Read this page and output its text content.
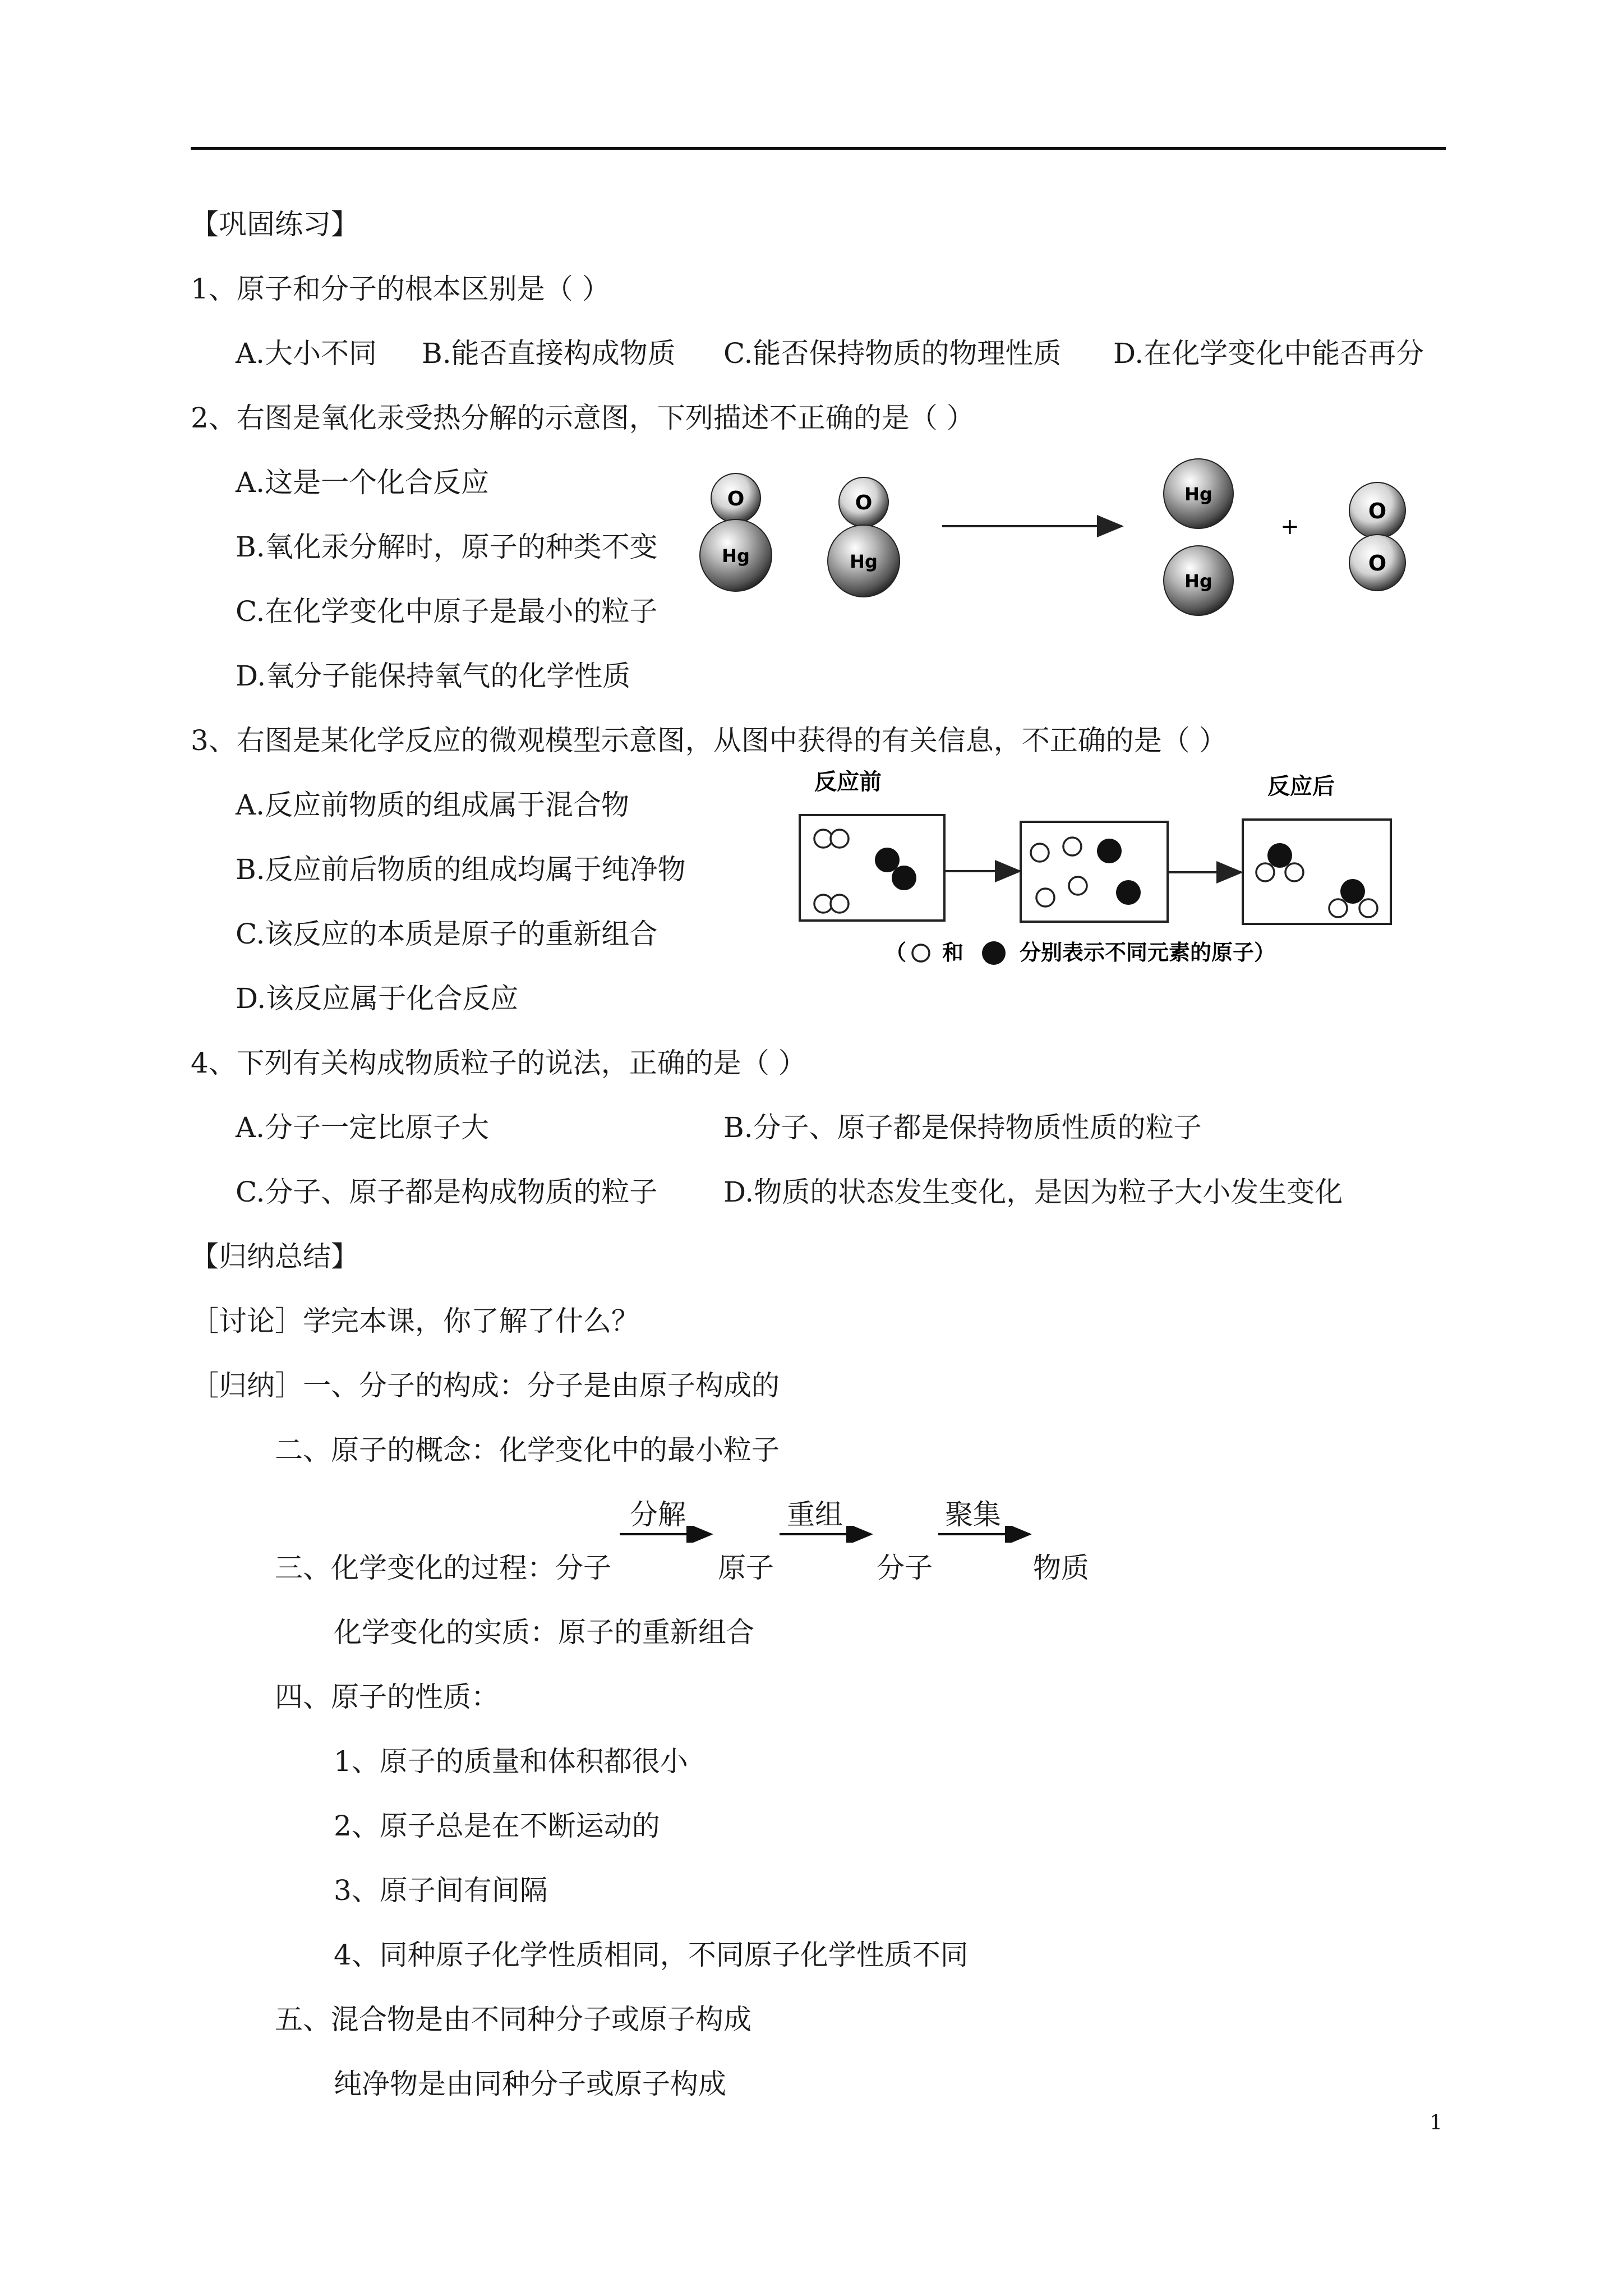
【巩固练习】
1、原子和分子的根本区别是（ ）
A.大小不同 B.能否直接构成物质 C.能否保持物质的物理性质 D.在化学变化中能否再分
2、右图是氧化汞受热分解的示意图，下列描述不正确的是（ ）
A.这是一个化合反应
B.氧化汞分解时，原子的种类不变
C.在化学变化中原子是最小的粒子
D.氧分子能保持氧气的化学性质
O
Hg
O
Hg
Hg
Hg
+
O
O
3、右图是某化学反应的微观模型示意图，从图中获得的有关信息，不正确的是（ ）
A.反应前物质的组成属于混合物
B.反应前后物质的组成均属于纯净物
C.该反应的本质是原子的重新组合
D.该反应属于化合反应
反应前	反应后
（ 和	分别表示不同元素的原子）
4、下列有关构成物质粒子的说法，正确的是（ ）
A.分子一定比原子大	B.分子、原子都是保持物质性质的粒子
C.分子、原子都是构成物质的粒子 D.物质的状态发生变化，是因为粒子大小发生变化
【归纳总结】
［讨论］学完本课，你了解了什么？
［归纳］一、分子的构成：分子是由原子构成的
二、原子的概念：化学变化中的最小粒子
分解	重组	聚集
三、化学变化的过程：分子	原子	分子	物质
化学变化的实质：原子的重新组合
四、原子的性质：
1、原子的质量和体积都很小
2、原子总是在不断运动的
3、原子间有间隔
4、同种原子化学性质相同，不同原子化学性质不同
五、混合物是由不同种分子或原子构成
纯净物是由同种分子或原子构成
1
